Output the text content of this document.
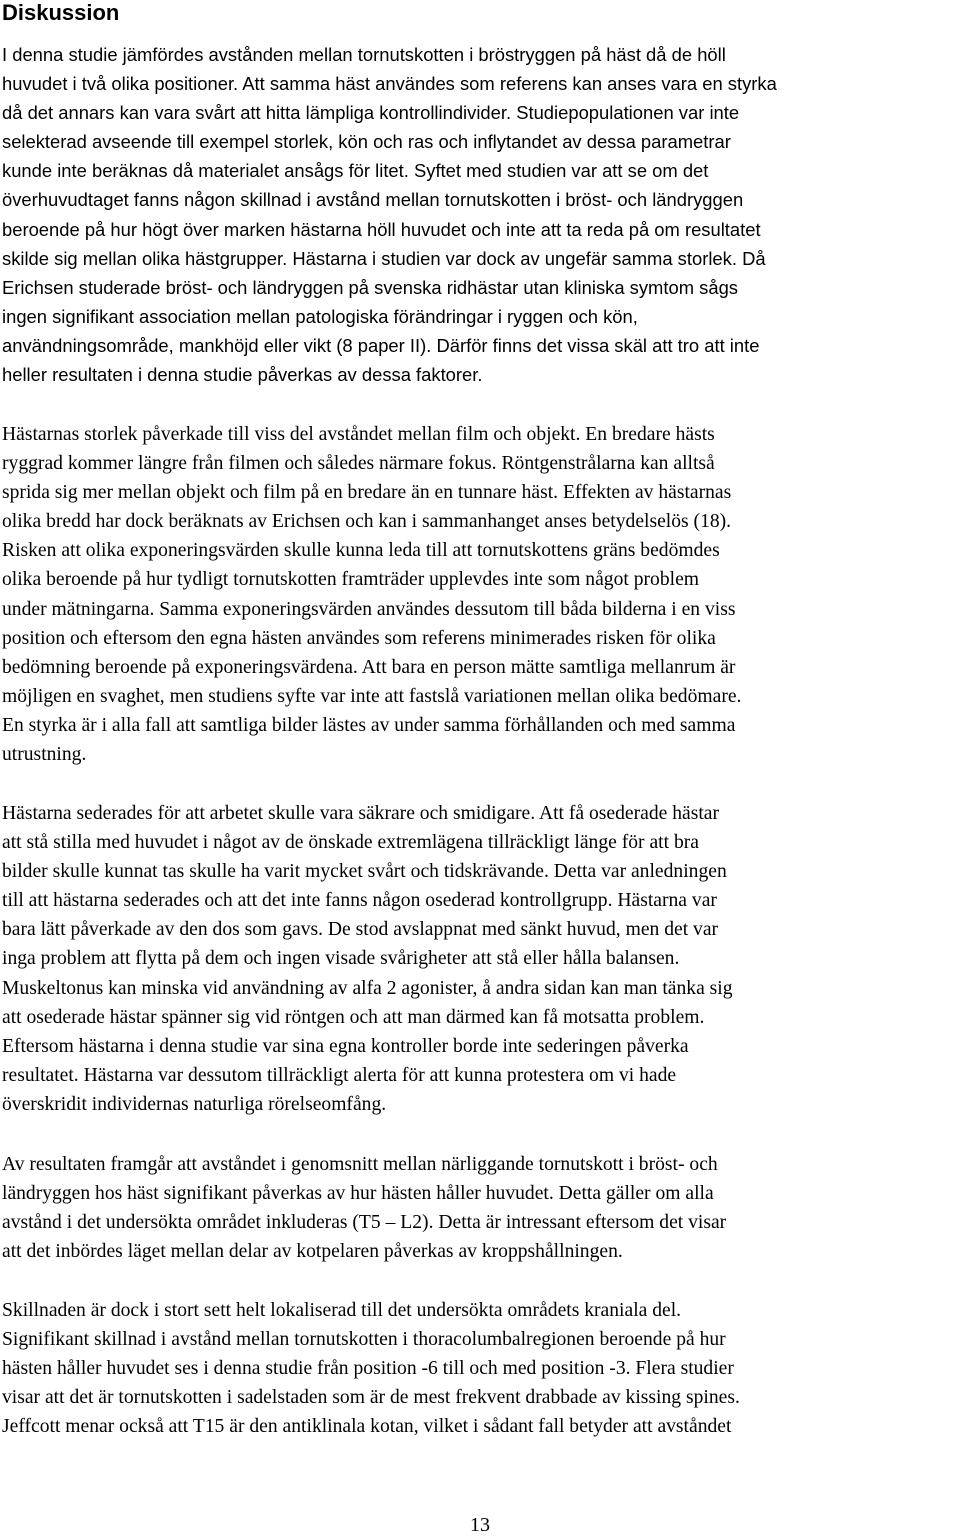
Diskussion
I denna studie jämfördes avstånden mellan tornutskotten i bröstryggen på häst då de höll
huvudet i två olika positioner. Att samma häst användes som referens kan anses vara en styrka
då det annars kan vara svårt att hitta lämpliga kontrollindivider. Studiepopulationen var inte
selekterad avseende till exempel storlek, kön och ras och inflytandet av dessa parametrar
kunde inte beräknas då materialet ansågs för litet. Syftet med studien var att se om det
överhuvudtaget fanns någon skillnad i avstånd mellan tornutskotten i bröst- och ländryggen
beroende på hur högt över marken hästarna höll huvudet och inte att ta reda på om resultatet
skilde sig mellan olika hästgrupper. Hästarna i studien var dock av ungefär samma storlek. Då
Erichsen studerade bröst- och ländryggen på svenska ridhästar utan kliniska symtom sågs
ingen signifikant association mellan patologiska förändringar i ryggen och kön,
användningsområde, mankhöjd eller vikt (8 paper II). Därför finns det vissa skäl att tro att inte
heller resultaten i denna studie påverkas av dessa faktorer.
Hästarnas storlek påverkade till viss del avståndet mellan film och objekt. En bredare hästs
ryggrad kommer längre från filmen och således närmare fokus. Röntgenstrålarna kan alltså
sprida sig mer mellan objekt och film på en bredare än en tunnare häst. Effekten av hästarnas
olika bredd har dock beräknats av Erichsen och kan i sammanhanget anses betydelselös (18).
Risken att olika exponeringsvärden skulle kunna leda till att tornutskottens gräns bedömdes
olika beroende på hur tydligt tornutskotten framträder upplevdes inte som något problem
under mätningarna. Samma exponeringsvärden användes dessutom till båda bilderna i en viss
position och eftersom den egna hästen användes som referens minimerades risken för olika
bedömning beroende på exponeringsvärdena. Att bara en person mätte samtliga mellanrum är
möjligen en svaghet, men studiens syfte var inte att fastslå variationen mellan olika bedömare.
En styrka är i alla fall att samtliga bilder lästes av under samma förhållanden och med samma
utrustning.
Hästarna sederades för att arbetet skulle vara säkrare och smidigare. Att få osederade hästar
att stå stilla med huvudet i något av de önskade extremlägena tillräckligt länge för att bra
bilder skulle kunnat tas skulle ha varit mycket svårt och tidskrävande. Detta var anledningen
till att hästarna sederades och att det inte fanns någon osederad kontrollgrupp. Hästarna var
bara lätt påverkade av den dos som gavs. De stod avslappnat med sänkt huvud, men det var
inga problem att flytta på dem och ingen visade svårigheter att stå eller hålla balansen.
Muskeltonus kan minska vid användning av alfa 2 agonister, å andra sidan kan man tänka sig
att osederade hästar spänner sig vid röntgen och att man därmed kan få motsatta problem.
Eftersom hästarna i denna studie var sina egna kontroller borde inte sederingen påverka
resultatet. Hästarna var dessutom tillräckligt alerta för att kunna protestera om vi hade
överskridit individernas naturliga rörelseomfång.
Av resultaten framgår att avståndet i genomsnitt mellan närliggande tornutskott i bröst- och
ländryggen hos häst signifikant påverkas av hur hästen håller huvudet. Detta gäller om alla
avstånd i det undersökta området inkluderas (T5 – L2). Detta är intressant eftersom det visar
att det inbördes läget mellan delar av kotpelaren påverkas av kroppshållningen.
Skillnaden är dock i stort sett helt lokaliserad till det undersökta områdets kraniala del.
Signifikant skillnad i avstånd mellan tornutskotten i thoracolumbalregionen beroende på hur
hästen håller huvudet ses i denna studie från position -6 till och med position -3. Flera studier
visar att det är tornutskotten i sadelstaden som är de mest frekvent drabbade av kissing spines.
Jeffcott menar också att T15 är den antiklinala kotan, vilket i sådant fall betyder att avståndet
13
